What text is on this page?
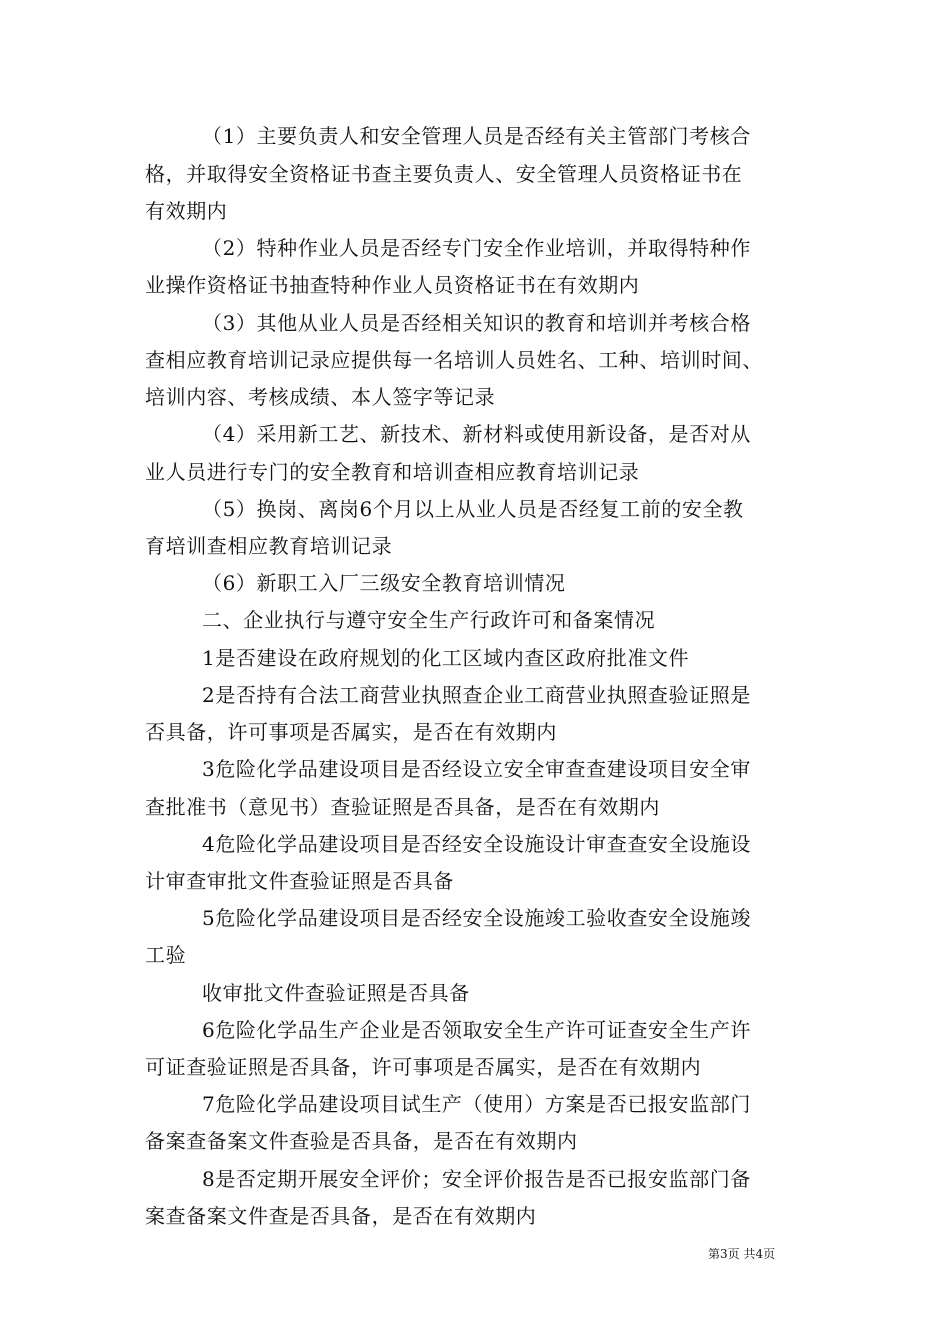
（1）主要负责人和安全管理人员是否经有关主管部门考核合

格，并取得安全资格证书查主要负责人、安全管理人员资格证书在

有效期内

（2）特种作业人员是否经专门安全作业培训，并取得特种作

业操作资格证书抽查特种作业人员资格证书在有效期内

（3）其他从业人员是否经相关知识的教育和培训并考核合格

查相应教育培训记录应提供每一名培训人员姓名、工种、培训时间、

培训内容、考核成绩、本人签字等记录

（4）采用新工艺、新技术、新材料或使用新设备，是否对从

业人员进行专门的安全教育和培训查相应教育培训记录

（5）换岗、离岗6个月以上从业人员是否经复工前的安全教

育培训查相应教育培训记录

（6）新职工入厂三级安全教育培训情况

二、企业执行与遵守安全生产行政许可和备案情况

1是否建设在政府规划的化工区域内查区政府批准文件

2是否持有合法工商营业执照查企业工商营业执照查验证照是

否具备，许可事项是否属实，是否在有效期内

3危险化学品建设项目是否经设立安全审查查建设项目安全审

查批准书（意见书）查验证照是否具备，是否在有效期内

4危险化学品建设项目是否经安全设施设计审查查安全设施设

计审查审批文件查验证照是否具备

5危险化学品建设项目是否经安全设施竣工验收查安全设施竣

工验

收审批文件查验证照是否具备

6危险化学品生产企业是否领取安全生产许可证查安全生产许

可证查验证照是否具备，许可事项是否属实，是否在有效期内

7危险化学品建设项目试生产（使用）方案是否已报安监部门

备案查备案文件查验是否具备，是否在有效期内

8是否定期开展安全评价；安全评价报告是否已报安监部门备

案查备案文件查是否具备，是否在有效期内

第3页 共4页
